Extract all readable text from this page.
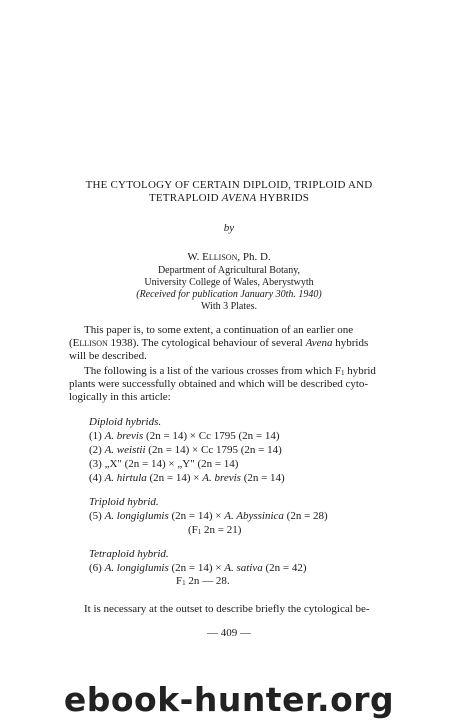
THE CYTOLOGY OF CERTAIN DIPLOID, TRIPLOID AND
TETRAPLOID AVENA HYBRIDS
by
W. Ellison, Ph. D.
Department of Agricultural Botany,
University College of Wales, Aberystwyth
(Received for publication January 30th. 1940)
With 3 Plates.
This paper is, to some extent, a continuation of an earlier one
(Ellison 1938). The cytological behaviour of several Avena hybrids
will be described.
The following is a list of the various crosses from which F1 hybrid
plants were successfully obtained and which will be described cyto-
logically in this article:
Diploid hybrids.
(1) A. brevis (2n = 14) × Cc 1795 (2n = 14)
(2) A. weistii (2n = 14) × Cc 1795 (2n = 14)
(3) „X" (2n = 14) × „Y" (2n = 14)
(4) A. hirtula (2n = 14) × A. brevis (2n = 14)
Triploid hybrid.
(5) A. longiglumis (2n = 14) × A. Abyssinica (2n = 28)
(F1 2n = 21)
Tetraploid hybrid.
(6) A. longiglumis (2n = 14) × A. sativa (2n = 42)
F1 2n — 28.
It is necessary at the outset to describe briefly the cytological be-
— 409 —
ebook-hunter.org
